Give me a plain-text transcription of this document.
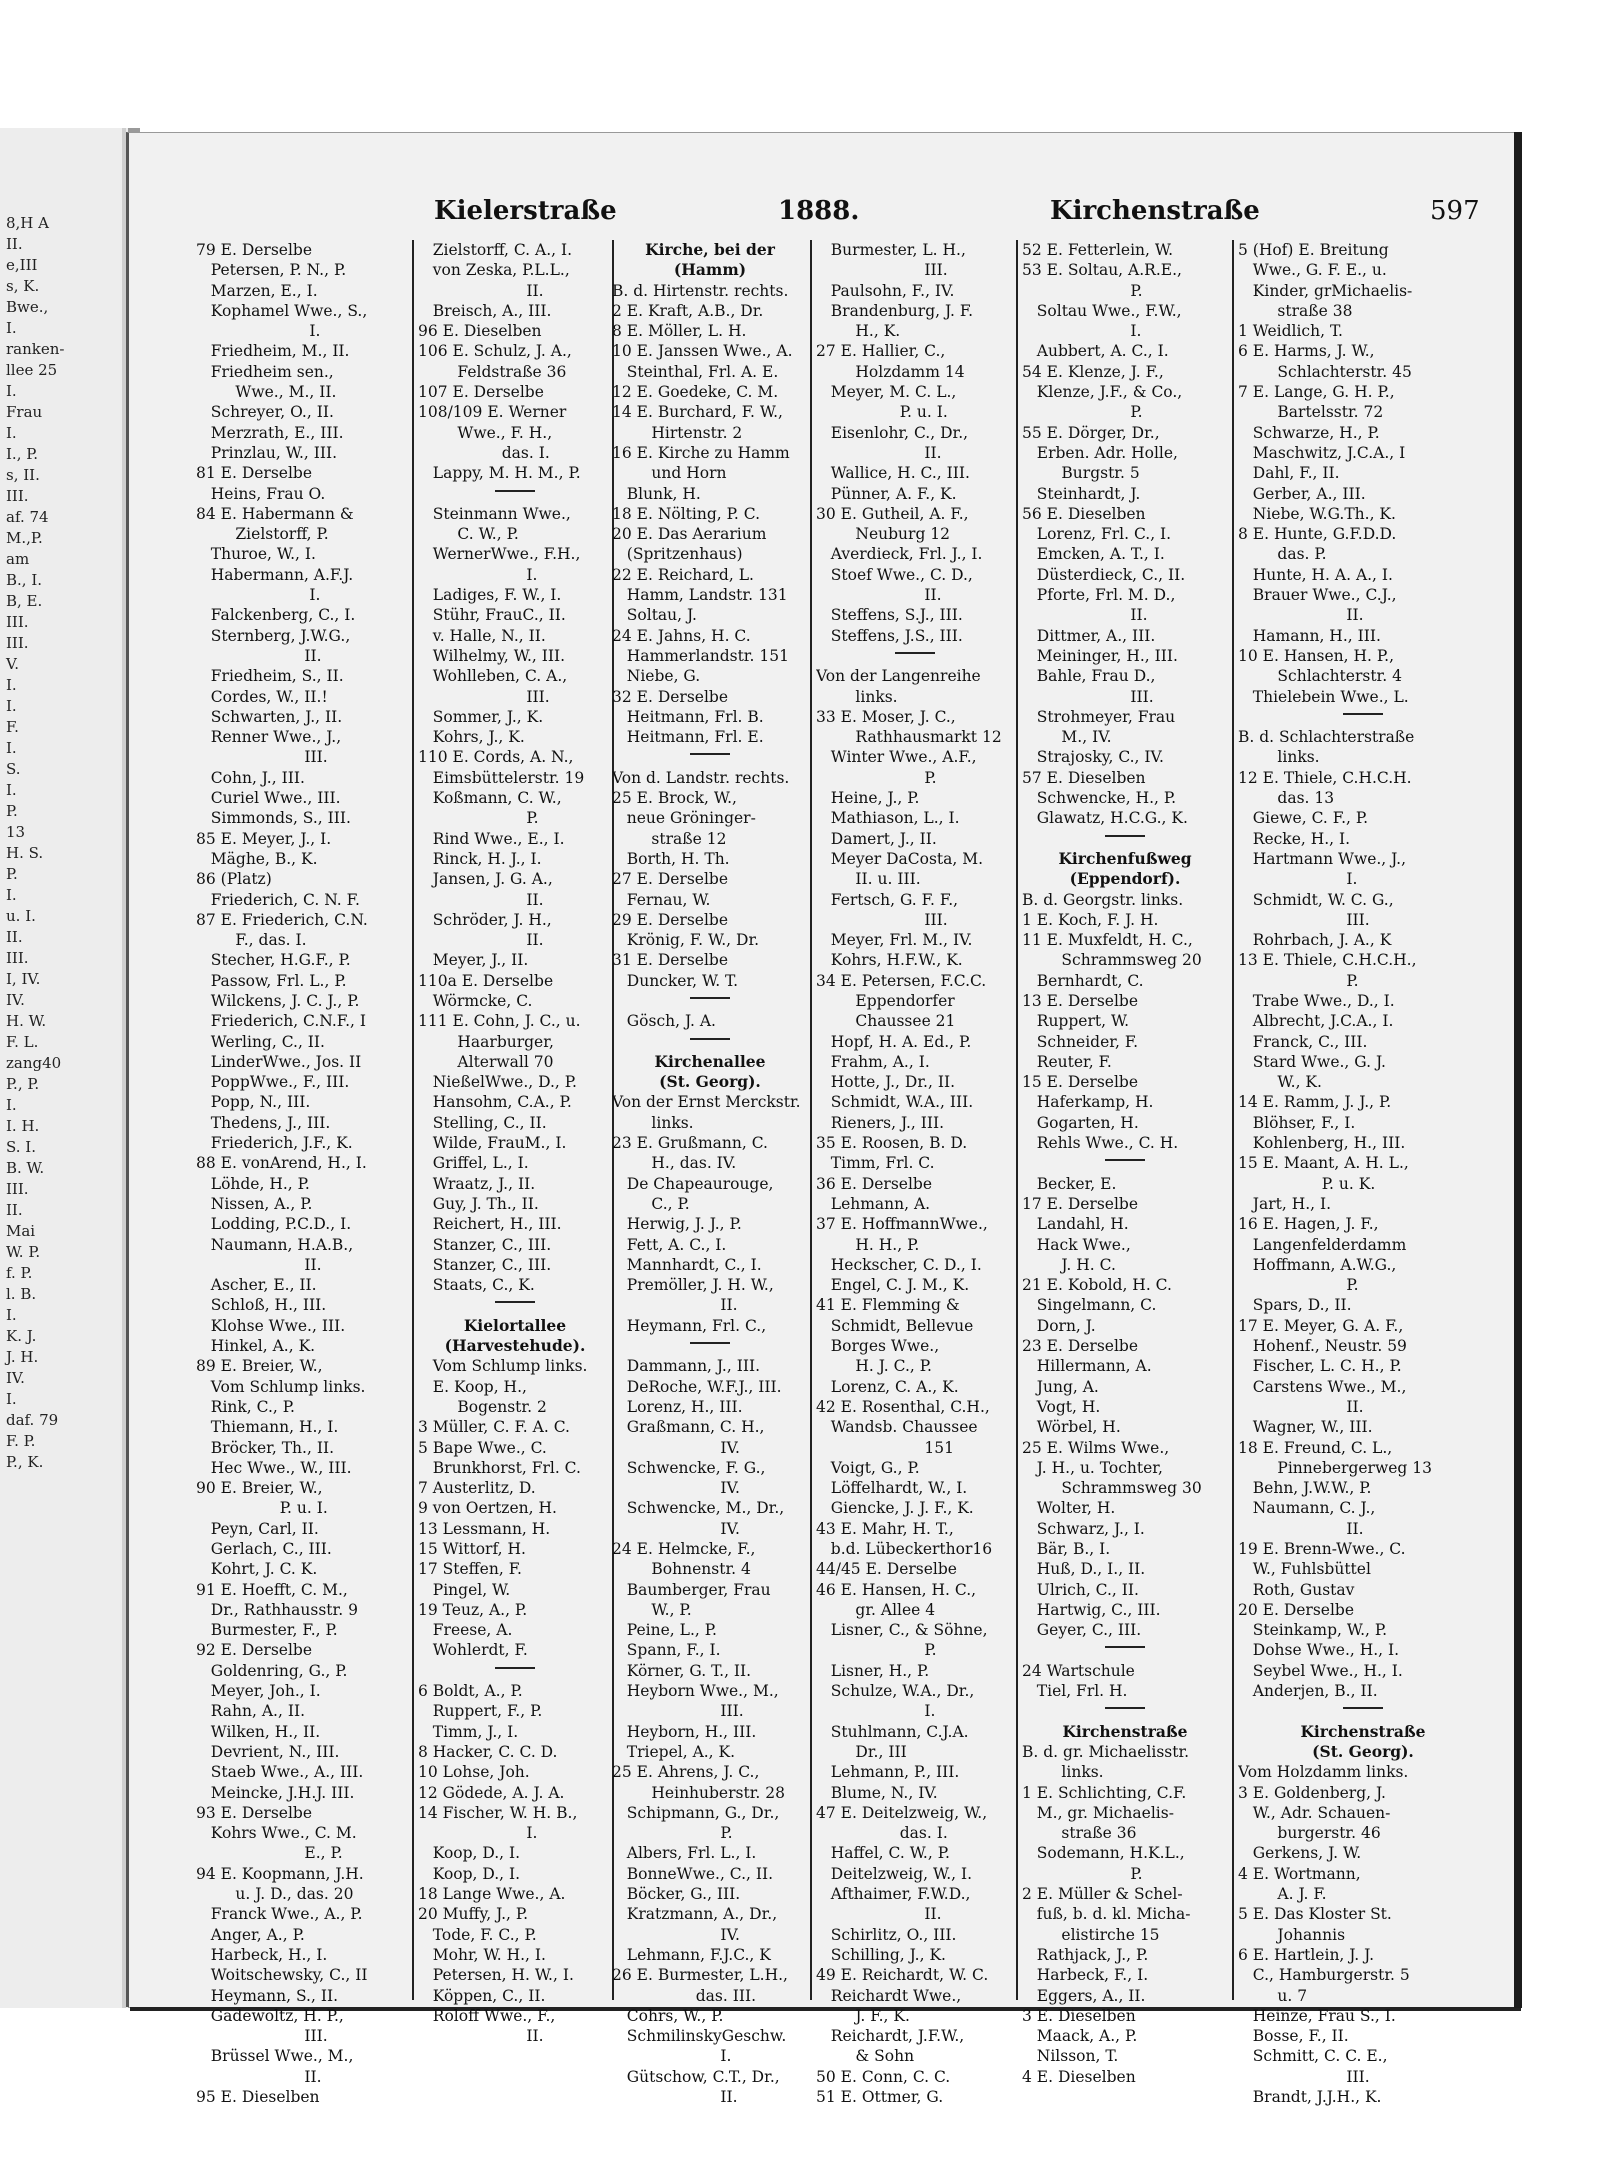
8,H A
II.
e,III
s, K.
Bwe.,
I.
ranken-
llee 25
I.
Frau
I.
I., P.
s, II.
III.
af. 74
M.,P.
am
B., I.
B, E.
III.
III.
V.
I.
I.
F.
I.
S.
I.
P.
13
H. S.
P.
I.
u. I.
II.
III.
I, IV.
IV.
H. W.
F. L.
zang40
P., P.
I.
I. H.
S. I.
B. W.
III.
II.
Mai
W. P.
f. P.
l. B.
I.
K. J.
J. H.
IV.
I.
daf. 79
F. P.
P., K.
Kielerstraße	1888.	Kirchenstraße	597
79 E. Derselbe
Petersen, P. N., P.
Marzen, E., I.
Kophamel Wwe., S.,
I.
Friedheim, M., II.
Friedheim sen.,
Wwe., M., II.
Schreyer, O., II.
Merzrath, E., III.
Prinzlau, W., III.
81 E. Derselbe
Heins, Frau O.
84 E. Habermann &
Zielstorff, P.
Thuroe, W., I.
Habermann, A.F.J.
I.
Falckenberg, C., I.
Sternberg, J.W.G.,
II.
Friedheim, S., II.
Cordes, W., II.!
Schwarten, J., II.
Renner Wwe., J.,
III.
Cohn, J., III.
Curiel Wwe., III.
Simmonds, S., III.
85 E. Meyer, J., I.
Mäghe, B., K.
86 (Platz)
Friederich, C. N. F.
87 E. Friederich, C.N.
F., das. I.
Stecher, H.G.F., P.
Passow, Frl. L., P.
Wilckens, J. C. J., P.
Friederich, C.N.F., I
Werling, C., II.
LinderWwe., Jos. II
PoppWwe., F., III.
Popp, N., III.
Thedens, J., III.
Friederich, J.F., K.
88 E. vonArend, H., I.
Löhde, H., P.
Nissen, A., P.
Lodding, P.C.D., I.
Naumann, H.A.B.,
II.
Ascher, E., II.
Schloß, H., III.
Klohse Wwe., III.
Hinkel, A., K.
89 E. Breier, W.,
Vom Schlump links.
Rink, C., P.
Thiemann, H., I.
Bröcker, Th., II.
Hec Wwe., W., III.
90 E. Breier, W.,
P. u. I.
Peyn, Carl, II.
Gerlach, C., III.
Kohrt, J. C. K.
91 E. Hoefft, C. M.,
Dr., Rathhausstr. 9
Burmester, F., P.
92 E. Derselbe
Goldenring, G., P.
Meyer, Joh., I.
Rahn, A., II.
Wilken, H., II.
Devrient, N., III.
Staeb Wwe., A., III.
Meincke, J.H.J. III.
93 E. Derselbe
Kohrs Wwe., C. M.
E., P.
94 E. Koopmann, J.H.
u. J. D., das. 20
Franck Wwe., A., P.
Anger, A., P.
Harbeck, H., I.
Woitschewsky, C., II
Heymann, S., II.
Gadewoltz, H. P.,
III.
Brüssel Wwe., M.,
II.
95 E. Dieselben
Zielstorff, C. A., I.
von Zeska, P.L.L.,
II.
Breisch, A., III.
96 E. Dieselben
106 E. Schulz, J. A.,
Feldstraße 36
107 E. Derselbe
108/109 E. Werner
Wwe., F. H.,
das. I.
Lappy, M. H. M., P.
Steinmann Wwe.,
C. W., P.
WernerWwe., F.H.,
I.
Ladiges, F. W., I.
Stühr, FrauC., II.
v. Halle, N., II.
Wilhelmy, W., III.
Wohlleben, C. A.,
III.
Sommer, J., K.
Kohrs, J., K.
110 E. Cords, A. N.,
Eimsbüttelerstr. 19
Koßmann, C. W.,
P.
Rind Wwe., E., I.
Rinck, H. J., I.
Jansen, J. G. A.,
II.
Schröder, J. H.,
II.
Meyer, J., II.
110a E. Derselbe
Wörmcke, C.
111 E. Cohn, J. C., u.
Haarburger,
Alterwall 70
NießelWwe., D., P.
Hansohm, C.A., P.
Stelling, C., II.
Wilde, FrauM., I.
Griffel, L., I.
Wraatz, J., II.
Guy, J. Th., II.
Reichert, H., III.
Stanzer, C., III.
Stanzer, C., III.
Staats, C., K.
Kielortallee
(Harvestehude).
Vom Schlump links.
E. Koop, H.,
Bogenstr. 2
3 Müller, C. F. A. C.
5 Bape Wwe., C.
Brunkhorst, Frl. C.
7 Austerlitz, D.
9 von Oertzen, H.
13 Lessmann, H.
15 Wittorf, H.
17 Steffen, F.
Pingel, W.
19 Teuz, A., P.
Freese, A.
Wohlerdt, F.
6 Boldt, A., P.
Ruppert, F., P.
Timm, J., I.
8 Hacker, C. C. D.
10 Lohse, Joh.
12 Gödede, A. J. A.
14 Fischer, W. H. B.,
I.
Koop, D., I.
Koop, D., I.
18 Lange Wwe., A.
20 Muffy, J., P.
Tode, F. C., P.
Mohr, W. H., I.
Petersen, H. W., I.
Köppen, C., II.
Roloff Wwe., F.,
II.
Kirche, bei der
(Hamm)
B. d. Hirtenstr. rechts.
2 E. Kraft, A.B., Dr.
8 E. Möller, L. H.
10 E. Janssen Wwe., A.
Steinthal, Frl. A. E.
12 E. Goedeke, C. M.
14 E. Burchard, F. W.,
Hirtenstr. 2
16 E. Kirche zu Hamm
und Horn
Blunk, H.
18 E. Nölting, P. C.
20 E. Das Aerarium
(Spritzenhaus)
22 E. Reichard, L.
Hamm, Landstr. 131
Soltau, J.
24 E. Jahns, H. C.
Hammerlandstr. 151
Niebe, G.
32 E. Derselbe
Heitmann, Frl. B.
Heitmann, Frl. E.
Von d. Landstr. rechts.
25 E. Brock, W.,
neue Gröninger-
straße 12
Borth, H. Th.
27 E. Derselbe
Fernau, W.
29 E. Derselbe
Krönig, F. W., Dr.
31 E. Derselbe
Duncker, W. T.
Gösch, J. A.
Kirchenallee
(St. Georg).
Von der Ernst Merckstr.
links.
23 E. Grußmann, C.
H., das. IV.
De Chapeaurouge,
C., P.
Herwig, J. J., P.
Fett, A. C., I.
Mannhardt, C., I.
Premöller, J. H. W.,
II.
Heymann, Frl. C.,
Dammann, J., III.
DeRoche, W.F.J., III.
Lorenz, H., III.
Graßmann, C. H.,
IV.
Schwencke, F. G.,
IV.
Schwencke, M., Dr.,
IV.
24 E. Helmcke, F.,
Bohnenstr. 4
Baumberger, Frau
W., P.
Peine, L., P.
Spann, F., I.
Körner, G. T., II.
Heyborn Wwe., M.,
III.
Heyborn, H., III.
Triepel, A., K.
25 E. Ahrens, J. C.,
Heinhuberstr. 28
Schipmann, G., Dr.,
P.
Albers, Frl. L., I.
BonneWwe., C., II.
Böcker, G., III.
Kratzmann, A., Dr.,
IV.
Lehmann, F.J.C., K
26 E. Burmester, L.H.,
das. III.
Cohrs, W., P.
SchmilinskyGeschw.
I.
Gütschow, C.T., Dr.,
II.
Burmester, L. H.,
III.
Paulsohn, F., IV.
Brandenburg, J. F.
H., K.
27 E. Hallier, C.,
Holzdamm 14
Meyer, M. C. L.,
P. u. I.
Eisenlohr, C., Dr.,
II.
Wallice, H. C., III.
Pünner, A. F., K.
30 E. Gutheil, A. F.,
Neuburg 12
Averdieck, Frl. J., I.
Stoef Wwe., C. D.,
II.
Steffens, S.J., III.
Steffens, J.S., III.
Von der Langenreihe
links.
33 E. Moser, J. C.,
Rathhausmarkt 12
Winter Wwe., A.F.,
P.
Heine, J., P.
Mathiason, L., I.
Damert, J., II.
Meyer DaCosta, M.
II. u. III.
Fertsch, G. F. F.,
III.
Meyer, Frl. M., IV.
Kohrs, H.F.W., K.
34 E. Petersen, F.C.C.
Eppendorfer
Chaussee 21
Hopf, H. A. Ed., P.
Frahm, A., I.
Hotte, J., Dr., II.
Schmidt, W.A., III.
Rieners, J., III.
35 E. Roosen, B. D.
Timm, Frl. C.
36 E. Derselbe
Lehmann, A.
37 E. HoffmannWwe.,
H. H., P.
Heckscher, C. D., I.
Engel, C. J. M., K.
41 E. Flemming &
Schmidt, Bellevue
Borges Wwe.,
H. J. C., P.
Lorenz, C. A., K.
42 E. Rosenthal, C.H.,
Wandsb. Chaussee
151
Voigt, G., P.
Löffelhardt, W., I.
Giencke, J. J. F., K.
43 E. Mahr, H. T.,
b.d. Lübeckerthor16
44/45 E. Derselbe
46 E. Hansen, H. C.,
gr. Allee 4
Lisner, C., & Söhne,
P.
Lisner, H., P.
Schulze, W.A., Dr.,
I.
Stuhlmann, C.J.A.
Dr., III
Lehmann, P., III.
Blume, N., IV.
47 E. Deitelzweig, W.,
das. I.
Haffel, C. W., P.
Deitelzweig, W., I.
Afthaimer, F.W.D.,
II.
Schirlitz, O., III.
Schilling, J., K.
49 E. Reichardt, W. C.
Reichardt Wwe.,
J. F., K.
Reichardt, J.F.W.,
& Sohn
50 E. Conn, C. C.
51 E. Ottmer, G.
52 E. Fetterlein, W.
53 E. Soltau, A.R.E.,
P.
Soltau Wwe., F.W.,
I.
Aubbert, A. C., I.
54 E. Klenze, J. F.,
Klenze, J.F., & Co.,
P.
55 E. Dörger, Dr.,
Erben. Adr. Holle,
Burgstr. 5
Steinhardt, J.
56 E. Dieselben
Lorenz, Frl. C., I.
Emcken, A. T., I.
Düsterdieck, C., II.
Pforte, Frl. M. D.,
II.
Dittmer, A., III.
Meininger, H., III.
Bahle, Frau D.,
III.
Strohmeyer, Frau
M., IV.
Strajosky, C., IV.
57 E. Dieselben
Schwencke, H., P.
Glawatz, H.C.G., K.
Kirchenfußweg
(Eppendorf).
B. d. Georgstr. links.
1 E. Koch, F. J. H.
11 E. Muxfeldt, H. C.,
Schrammsweg 20
Bernhardt, C.
13 E. Derselbe
Ruppert, W.
Schneider, F.
Reuter, F.
15 E. Derselbe
Haferkamp, H.
Gogarten, H.
Rehls Wwe., C. H.
Becker, E.
17 E. Derselbe
Landahl, H.
Hack Wwe.,
J. H. C.
21 E. Kobold, H. C.
Singelmann, C.
Dorn, J.
23 E. Derselbe
Hillermann, A.
Jung, A.
Vogt, H.
Wörbel, H.
25 E. Wilms Wwe.,
J. H., u. Tochter,
Schrammsweg 30
Wolter, H.
Schwarz, J., I.
Bär, B., I.
Huß, D., I., II.
Ulrich, C., II.
Hartwig, C., III.
Geyer, C., III.
24 Wartschule
Tiel, Frl. H.
Kirchenstraße
B. d. gr. Michaelisstr.
links.
1 E. Schlichting, C.F.
M., gr. Michaelis-
straße 36
Sodemann, H.K.L.,
P.
2 E. Müller & Schel-
fuß, b. d. kl. Micha-
elistirche 15
Rathjack, J., P.
Harbeck, F., I.
Eggers, A., II.
3 E. Dieselben
Maack, A., P.
Nilsson, T.
4 E. Dieselben
5 (Hof) E. Breitung
Wwe., G. F. E., u.
Kinder, grMichaelis-
straße 38
1 Weidlich, T.
6 E. Harms, J. W.,
Schlachterstr. 45
7 E. Lange, G. H. P.,
Bartelsstr. 72
Schwarze, H., P.
Maschwitz, J.C.A., I
Dahl, F., II.
Gerber, A., III.
Niebe, W.G.Th., K.
8 E. Hunte, G.F.D.D.
das. P.
Hunte, H. A. A., I.
Brauer Wwe., C.J.,
II.
Hamann, H., III.
10 E. Hansen, H. P.,
Schlachterstr. 4
Thielebein Wwe., L.
B. d. Schlachterstraße
links.
12 E. Thiele, C.H.C.H.
das. 13
Giewe, C. F., P.
Recke, H., I.
Hartmann Wwe., J.,
I.
Schmidt, W. C. G.,
III.
Rohrbach, J. A., K
13 E. Thiele, C.H.C.H.,
P.
Trabe Wwe., D., I.
Albrecht, J.C.A., I.
Franck, C., III.
Stard Wwe., G. J.
W., K.
14 E. Ramm, J. J., P.
Blöhser, F., I.
Kohlenberg, H., III.
15 E. Maant, A. H. L.,
P. u. K.
Jart, H., I.
16 E. Hagen, J. F.,
Langenfelderdamm
Hoffmann, A.W.G.,
P.
Spars, D., II.
17 E. Meyer, G. A. F.,
Hohenf., Neustr. 59
Fischer, L. C. H., P.
Carstens Wwe., M.,
II.
Wagner, W., III.
18 E. Freund, C. L.,
Pinnebergerweg 13
Behn, J.W.W., P.
Naumann, C. J.,
II.
19 E. Brenn-Wwe., C.
W., Fuhlsbüttel
Roth, Gustav
20 E. Derselbe
Steinkamp, W., P.
Dohse Wwe., H., I.
Seybel Wwe., H., I.
Anderjen, B., II.
Kirchenstraße
(St. Georg).
Vom Holzdamm links.
3 E. Goldenberg, J.
W., Adr. Schauen-
burgerstr. 46
Gerkens, J. W.
4 E. Wortmann,
A. J. F.
5 E. Das Kloster St.
Johannis
6 E. Hartlein, J. J.
C., Hamburgerstr. 5
u. 7
Heinze, Frau S., I.
Bosse, F., II.
Schmitt, C. C. E.,
III.
Brandt, J.J.H., K.
